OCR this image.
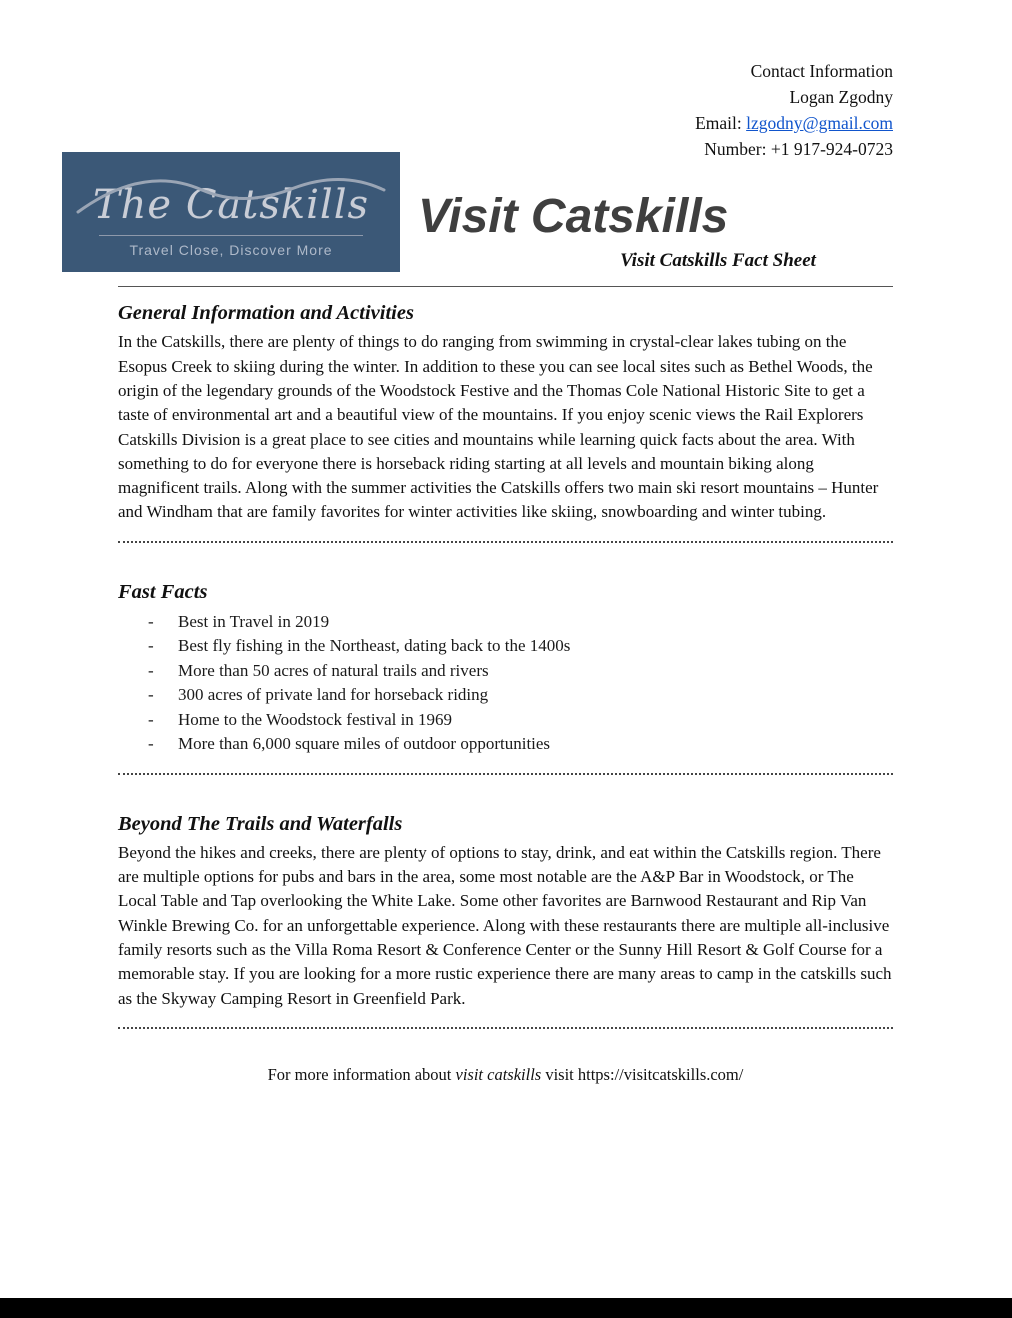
Contact Information
Logan Zgodny
Email: lzgodny@gmail.com
Number: +1 917-924-0723
The Catskills
Travel Close, Discover More
Visit Catskills
Visit Catskills Fact Sheet
General Information and Activities
In the Catskills, there are plenty of things to do ranging from swimming in crystal-clear lakes tubing on the Esopus Creek to skiing during the winter. In addition to these you can see local sites such as Bethel Woods, the origin of the legendary grounds of the Woodstock Festive and the Thomas Cole National Historic Site to get a taste of environmental art and a beautiful view of the mountains. If you enjoy scenic views the Rail Explorers Catskills Division is a great place to see cities and mountains while learning quick facts about the area. With something to do for everyone there is horseback riding starting at all levels and mountain biking along magnificent trails. Along with the summer activities the Catskills offers two main ski resort mountains – Hunter and Windham that are family favorites for winter activities like skiing, snowboarding and winter tubing.
Fast Facts
-	Best in Travel in 2019
-	Best fly fishing in the Northeast, dating back to the 1400s
-	More than 50 acres of natural trails and rivers
-	300 acres of private land for horseback riding
-	Home to the Woodstock festival in 1969
-	More than 6,000 square miles of outdoor opportunities
Beyond The Trails and Waterfalls
Beyond the hikes and creeks, there are plenty of options to stay, drink, and eat within the Catskills region. There are multiple options for pubs and bars in the area, some most notable are the A&P Bar in Woodstock, or The Local Table and Tap overlooking the White Lake. Some other favorites are Barnwood Restaurant and Rip Van Winkle Brewing Co. for an unforgettable experience. Along with these restaurants there are multiple all-inclusive family resorts such as the Villa Roma Resort & Conference Center or the Sunny Hill Resort & Golf Course for a memorable stay. If you are looking for a more rustic experience there are many areas to camp in the catskills such as the Skyway Camping Resort in Greenfield Park.
For more information about visit catskills visit https://visitcatskills.com/
